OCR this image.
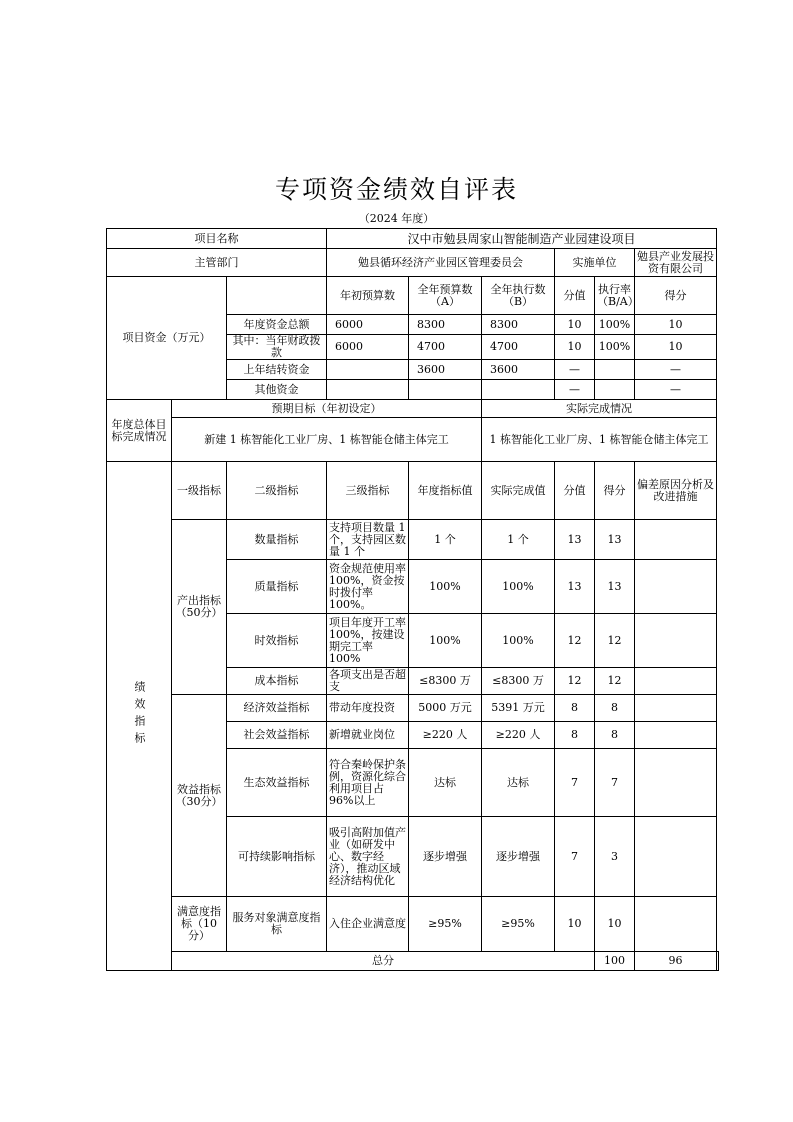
专项资金绩效自评表
（2024 年度）
项目名称			汉中市勉县周家山智能制造产业园建设项目						
主管部门			勉县循环经济产业园区管理委员会			实施单位		勉县产业发展投资有限公司	
项目资金（万元）			年初预算数	全年预算数（A）	全年执行数（B）	分值	执行率（B/A）	得分	
		年度资金总额	6000	8300	8300	10	100%	10	
		其中：当年财政拨款	6000	4700	4700	10	100%	10	
		上年结转资金		3600	3600	—		—	
		其他资金				—		—	
年度总体目标完成情况	预期目标（年初设定）				实际完成情况				
	新建 1 栋智能化工业厂房、1 栋智能仓储主体完工				1 栋智能化工业厂房、1 栋智能仓储主体完工				
绩效指标	一级指标	二级指标	三级指标	年度指标值	实际完成值	分值	得分	偏差原因分析及改进措施	
	产出指标（50分）	数量指标	支持项目数量 1 个，支持园区数量 1 个	1 个	1 个	13	13		
		质量指标	资金规范使用率 100%，资金按时拨付率 100%。	100%	100%	13	13		
		时效指标	项目年度开工率 100%，按建设期完工率 100%	100%	100%	12	12		
		成本指标	各项支出是否超支	≤8300 万	≤8300 万	12	12		
	效益指标（30分）	经济效益指标	带动年度投资	5000 万元	5391 万元	8	8		
		社会效益指标	新增就业岗位	≥220 人	≥220 人	8	8		
		生态效益指标	符合秦岭保护条例，资源化综合利用项目占 96%以上	达标	达标	7	7		
		可持续影响指标	吸引高附加值产业（如研发中心、数字经济），推动区域经济结构优化	逐步增强	逐步增强	7	3		
	满意度指标（10分）	服务对象满意度指标	入住企业满意度	≥95%	≥95%	10	10		
	总分						100	96	
